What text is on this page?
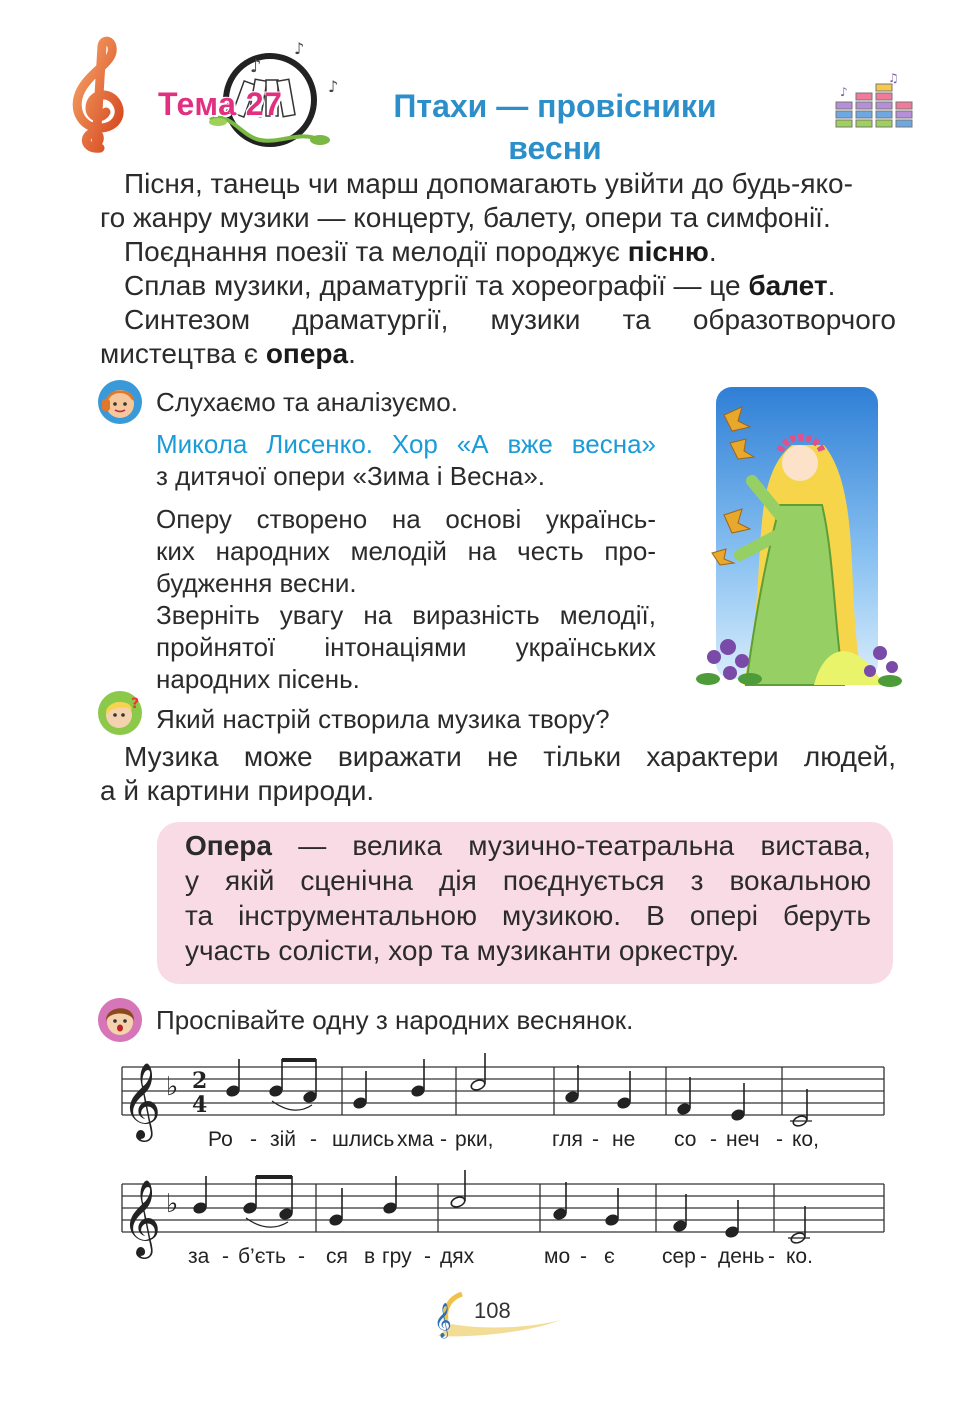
♪
♪
♪
Тема 27	Птахи — провісники
весни
♪
♫
Пісня, танець чи марш допомагають увійти до будь-яко-
го жанру музики — концерту, балету, опери та симфонії.
Поєднання поезії та мелодії породжує пісню.
Сплав музики, драматургії та хореографії — це балет.
Синтезом драматургії, музики та образотворчого
мистецтва є опера.
Слухаємо та аналізуємо.
Микола Лисенко. Хор «А вже весна»
з дитячої опери «Зима і Весна».
Оперу створено на основі українсь-
ких народних мелодій на честь про-
будження весни.
Зверніть увагу на виразність мелодії,
пройнятої інтонаціями українських
народних пісень.
? Який настрій створила музика твору?
Музика може виражати не тільки характери людей,
а й картини природи.
Опера — велика музично-театральна вистава,
у якій сценічна дія поєднується з вокальною
та інструментальною музикою. В опері беруть
участь солісти, хор та музиканти оркестру.
Проспівайте одну з народних веснянок.
𝄞 ♭ 2
4
Ро - зій - шлись хма - рки,	гля - не со - неч - ко,
𝄞 ♭
за - б’єть - ся в гру - дях	мо - є сер - день - ко.
𝄞 108
